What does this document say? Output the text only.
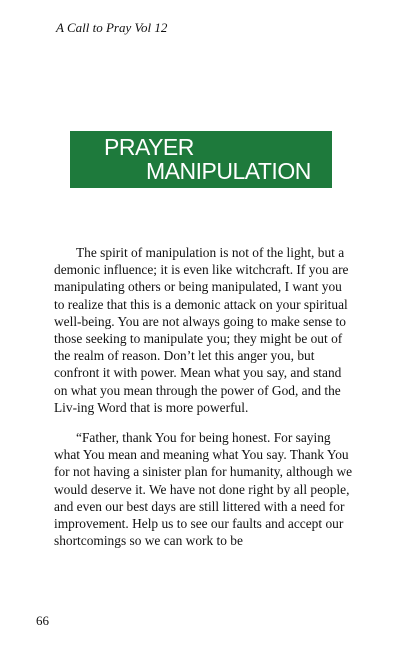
A Call to Pray Vol 12
PRAYER
MANIPULATION

The spirit of manipulation is not of the light, but a demonic influence; it is even like witchcraft. If you are manipulating others or being manipulated, I want you to realize that this is a demonic attack on your spiritual well-being. You are not always going to make sense to those seeking to manipulate you; they might be out of the realm of reason. Don’t let this anger you, but confront it with power. Mean what you say, and stand on what you mean through the power of God, and the Liv-ing Word that is more powerful.

“Father, thank You for being honest. For saying what You mean and meaning what You say. Thank You for not having a sinister plan for humanity, although we would deserve it. We have not done right by all people, and even our best days are still littered with a need for improvement. Help us to see our faults and accept our shortcomings so we can work to be

66
